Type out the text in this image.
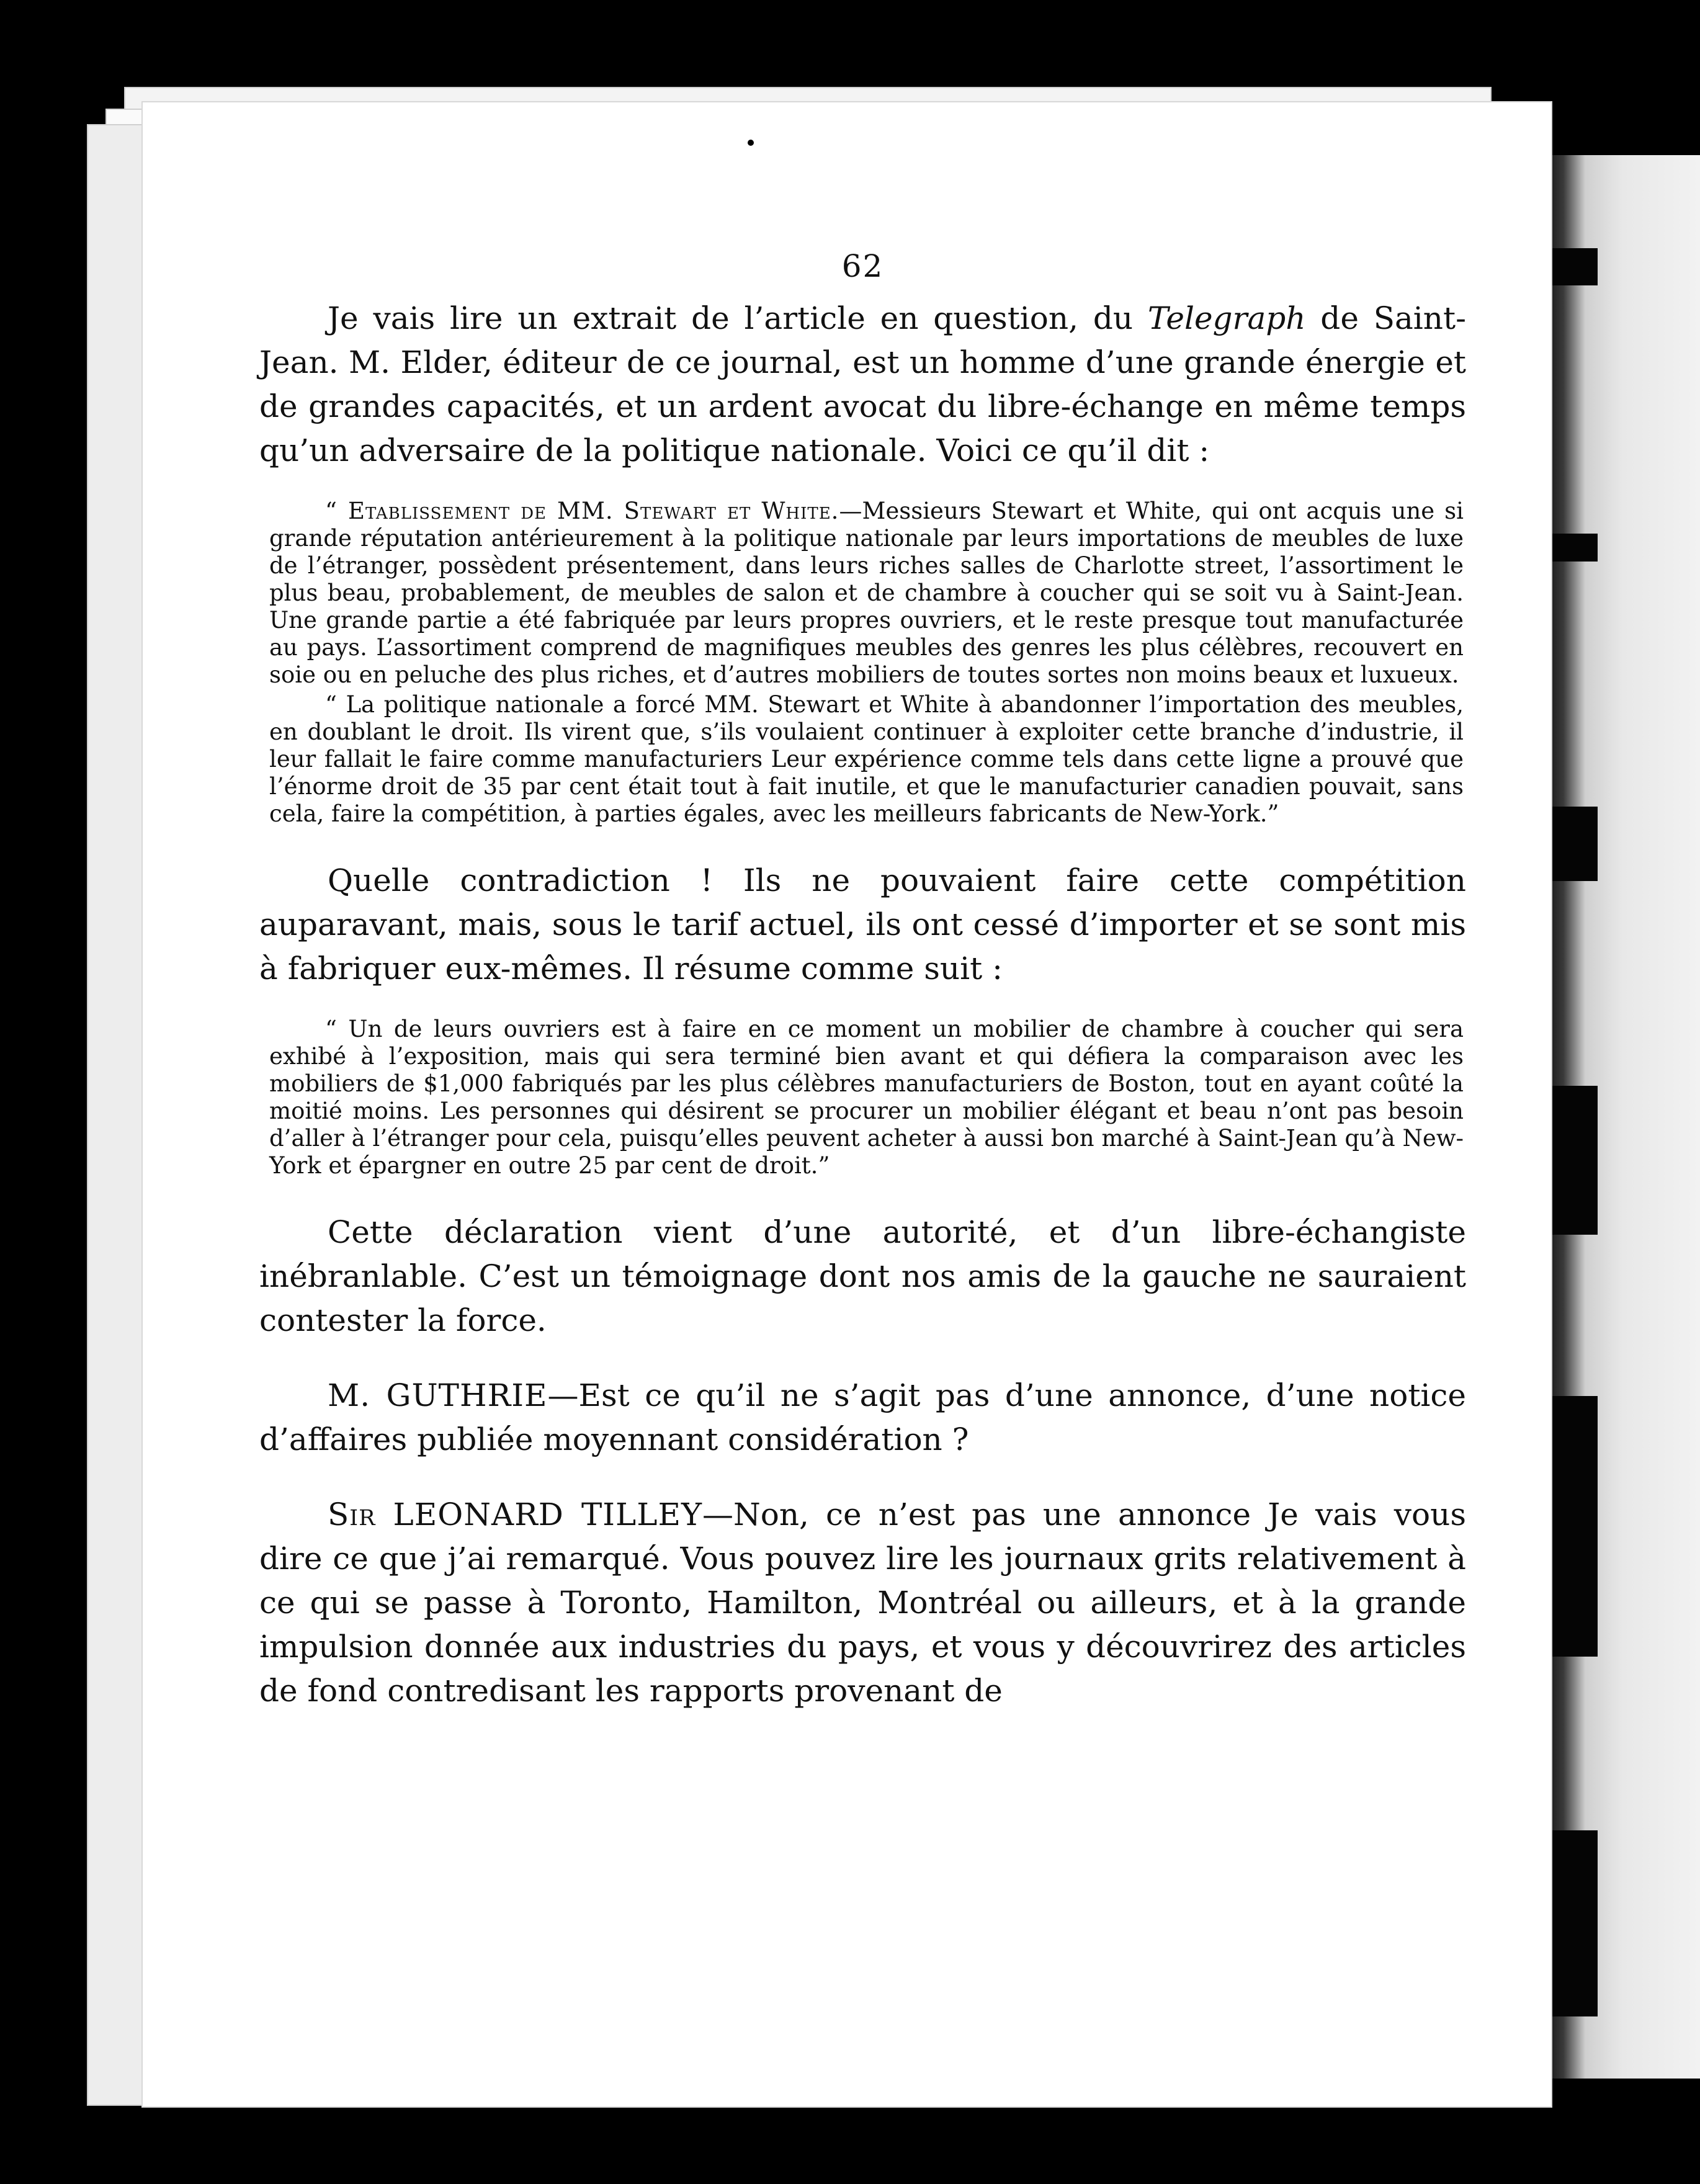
62

Je vais lire un extrait de l’article en question, du Telegraph de Saint-Jean. M. Elder, éditeur de ce journal, est un homme d’une grande énergie et de grandes capacités, et un ardent avocat du libre-échange en même temps qu’un adversaire de la politique nationale. Voici ce qu’il dit :

“ Etablissement de MM. Stewart et White.—Messieurs Stewart et White, qui ont acquis une si grande réputation antérieurement à la politique nationale par leurs importations de meubles de luxe de l’étranger, possèdent présentement, dans leurs riches salles de Charlotte street, l’assortiment le plus beau, probablement, de meubles de salon et de chambre à coucher qui se soit vu à Saint-Jean. Une grande partie a été fabriquée par leurs propres ouvriers, et le reste presque tout manufacturée au pays. L’assortiment comprend de magnifiques meubles des genres les plus célèbres, recouvert en soie ou en peluche des plus riches, et d’autres mobiliers de toutes sortes non moins beaux et luxueux.

“ La politique nationale a forcé MM. Stewart et White à abandonner l’importation des meubles, en doublant le droit. Ils virent que, s’ils voulaient continuer à exploiter cette branche d’industrie, il leur fallait le faire comme manufacturiers Leur expérience comme tels dans cette ligne a prouvé que l’énorme droit de 35 par cent était tout à fait inutile, et que le manufacturier canadien pouvait, sans cela, faire la compétition, à parties égales, avec les meilleurs fabricants de New-York.”

Quelle contradiction ! Ils ne pouvaient faire cette compétition auparavant, mais, sous le tarif actuel, ils ont cessé d’importer et se sont mis à fabriquer eux-mêmes. Il résume comme suit :

“ Un de leurs ouvriers est à faire en ce moment un mobilier de chambre à coucher qui sera exhibé à l’exposition, mais qui sera terminé bien avant et qui défiera la comparaison avec les mobiliers de $1,000 fabriqués par les plus célèbres manufacturiers de Boston, tout en ayant coûté la moitié moins. Les personnes qui désirent se procurer un mobilier élégant et beau n’ont pas besoin d’aller à l’étranger pour cela, puisqu’elles peuvent acheter à aussi bon marché à Saint-Jean qu’à New-York et épargner en outre 25 par cent de droit.”

Cette déclaration vient d’une autorité, et d’un libre-échangiste inébranlable. C’est un témoignage dont nos amis de la gauche ne sauraient contester la force.

M. GUTHRIE—Est ce qu’il ne s’agit pas d’une annonce, d’une notice d’affaires publiée moyennant considération ?

Sir LEONARD TILLEY—Non, ce n’est pas une annonce Je vais vous dire ce que j’ai remarqué. Vous pouvez lire les journaux grits relativement à ce qui se passe à Toronto, Hamilton, Montréal ou ailleurs, et à la grande impulsion donnée aux industries du pays, et vous y découvrirez des articles de fond contredisant les rapports provenant de
